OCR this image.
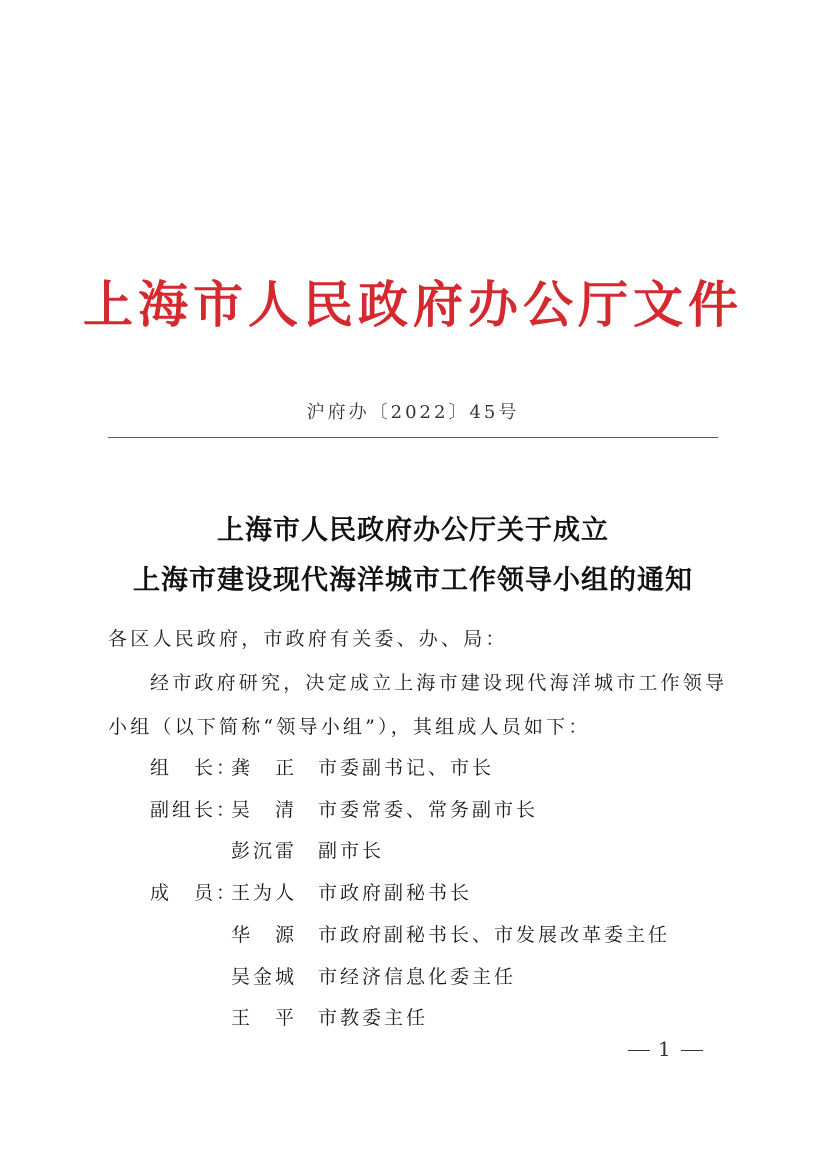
上海市人民政府办公厅文件
沪府办〔2022〕45号
上海市人民政府办公厅关于成立
上海市建设现代海洋城市工作领导小组的通知
各区人民政府，市政府有关委、办、局：
经市政府研究，决定成立上海市建设现代海洋城市工作领导
小组（以下简称“领导小组”），其组成人员如下：
组　长：
龚　正	市委副书记、市长
副组长：
吴　清	市委常委、常务副市长
彭沉雷	副市长
成　员：
王为人	市政府副秘书长
华　源	市政府副秘书长、市发展改革委主任
吴金城	市经济信息化委主任
王　平	市教委主任
1
